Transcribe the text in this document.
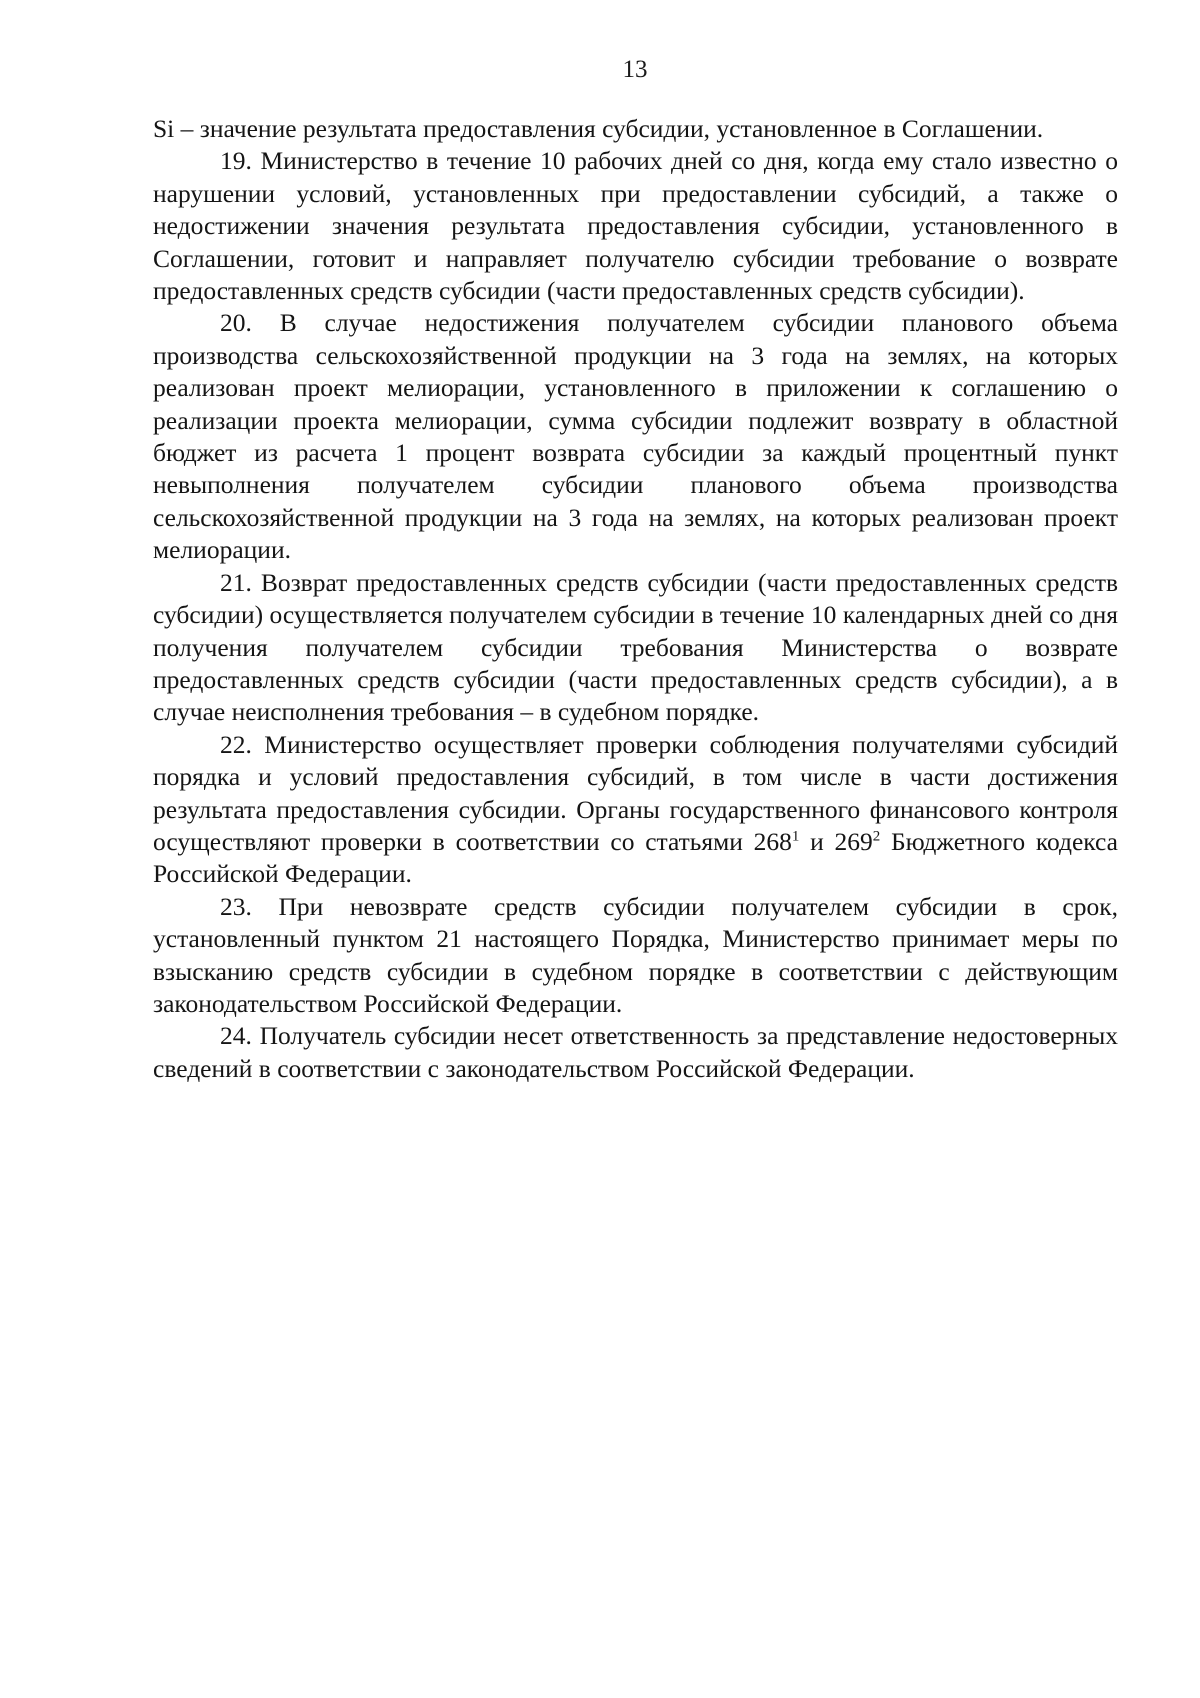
13

Si – значение результата предоставления субсидии, установленное в Соглашении.

19. Министерство в течение 10 рабочих дней со дня, когда ему стало известно о нарушении условий, установленных при предоставлении субсидий, а также о недостижении значения результата предоставления субсидии, установленного в Соглашении, готовит и направляет получателю субсидии требование о возврате предоставленных средств субсидии (части предоставленных средств субсидии).

20. В случае недостижения получателем субсидии планового объема производства сельскохозяйственной продукции на 3 года на землях, на которых реализован проект мелиорации, установленного в приложении к соглашению о реализации проекта мелиорации, сумма субсидии подлежит возврату в областной бюджет из расчета 1 процент возврата субсидии за каждый процентный пункт невыполнения получателем субсидии планового объема производства сельскохозяйственной продукции на 3 года на землях, на которых реализован проект мелиорации.

21. Возврат предоставленных средств субсидии (части предоставленных средств субсидии) осуществляется получателем субсидии в течение 10 календарных дней со дня получения получателем субсидии требования Министерства о возврате предоставленных средств субсидии (части предоставленных средств субсидии), а в случае неисполнения требования – в судебном порядке.

22. Министерство осуществляет проверки соблюдения получателями субсидий порядка и условий предоставления субсидий, в том числе в части достижения результата предоставления субсидии. Органы государственного финансового контроля осуществляют проверки в соответствии со статьями $268^1$ и $269^2$ Бюджетного кодекса Российской Федерации.

23. При невозврате средств субсидии получателем субсидии в срок, установленный пунктом 21 настоящего Порядка, Министерство принимает меры по взысканию средств субсидии в судебном порядке в соответствии с действующим законодательством Российской Федерации.

24. Получатель субсидии несет ответственность за представление недостоверных сведений в соответствии с законодательством Российской Федерации.
